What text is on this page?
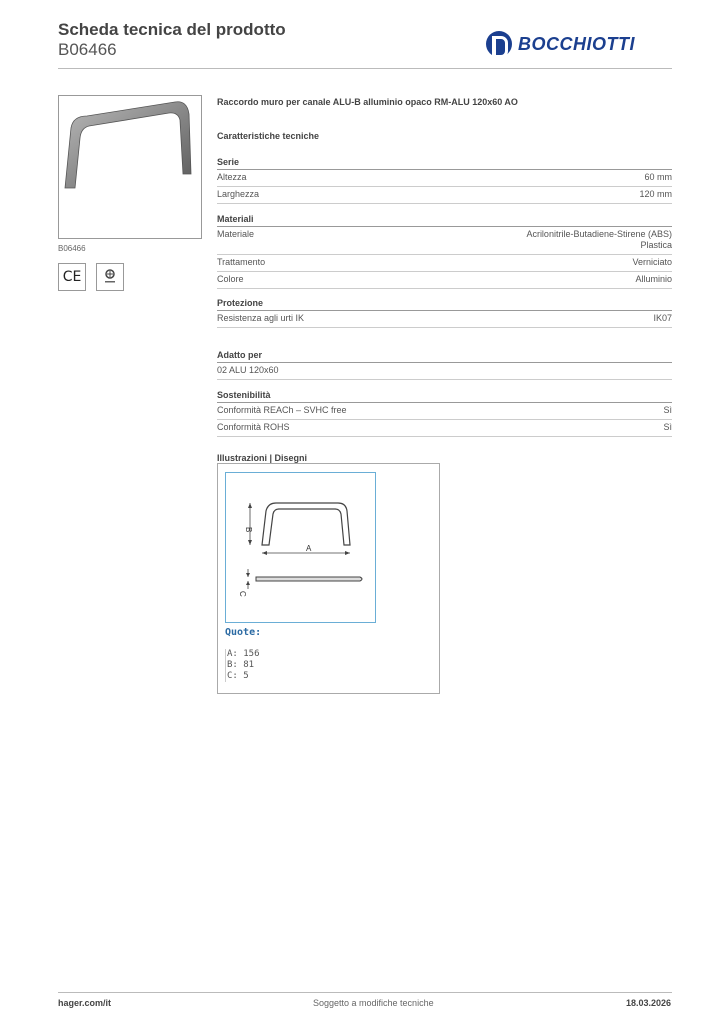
Scheda tecnica del prodotto
B06466	BOCCHIOTTI
B06466
CE
Raccordo muro per canale ALU-B alluminio opaco RM-ALU 120x60 AO
Caratteristiche tecniche
Serie
Altezza	60 mm
Larghezza	120 mm
Materiali
Materiale	Acrilonitrile-Butadiene-Stirene (ABS)
Plastica
Trattamento	Verniciato
Colore	Alluminio
Protezione
Resistenza agli urti IK	IK07
Adatto per
02 ALU 120x60
Sostenibilità
Conformità REACh – SVHC free	Sì
Conformità ROHS	Sì
Illustrazioni | Disegni
B
A
C
Quote:
A: 156
B: 81
C: 5
hager.com/it	Soggetto a modifiche tecniche	18.03.2026
